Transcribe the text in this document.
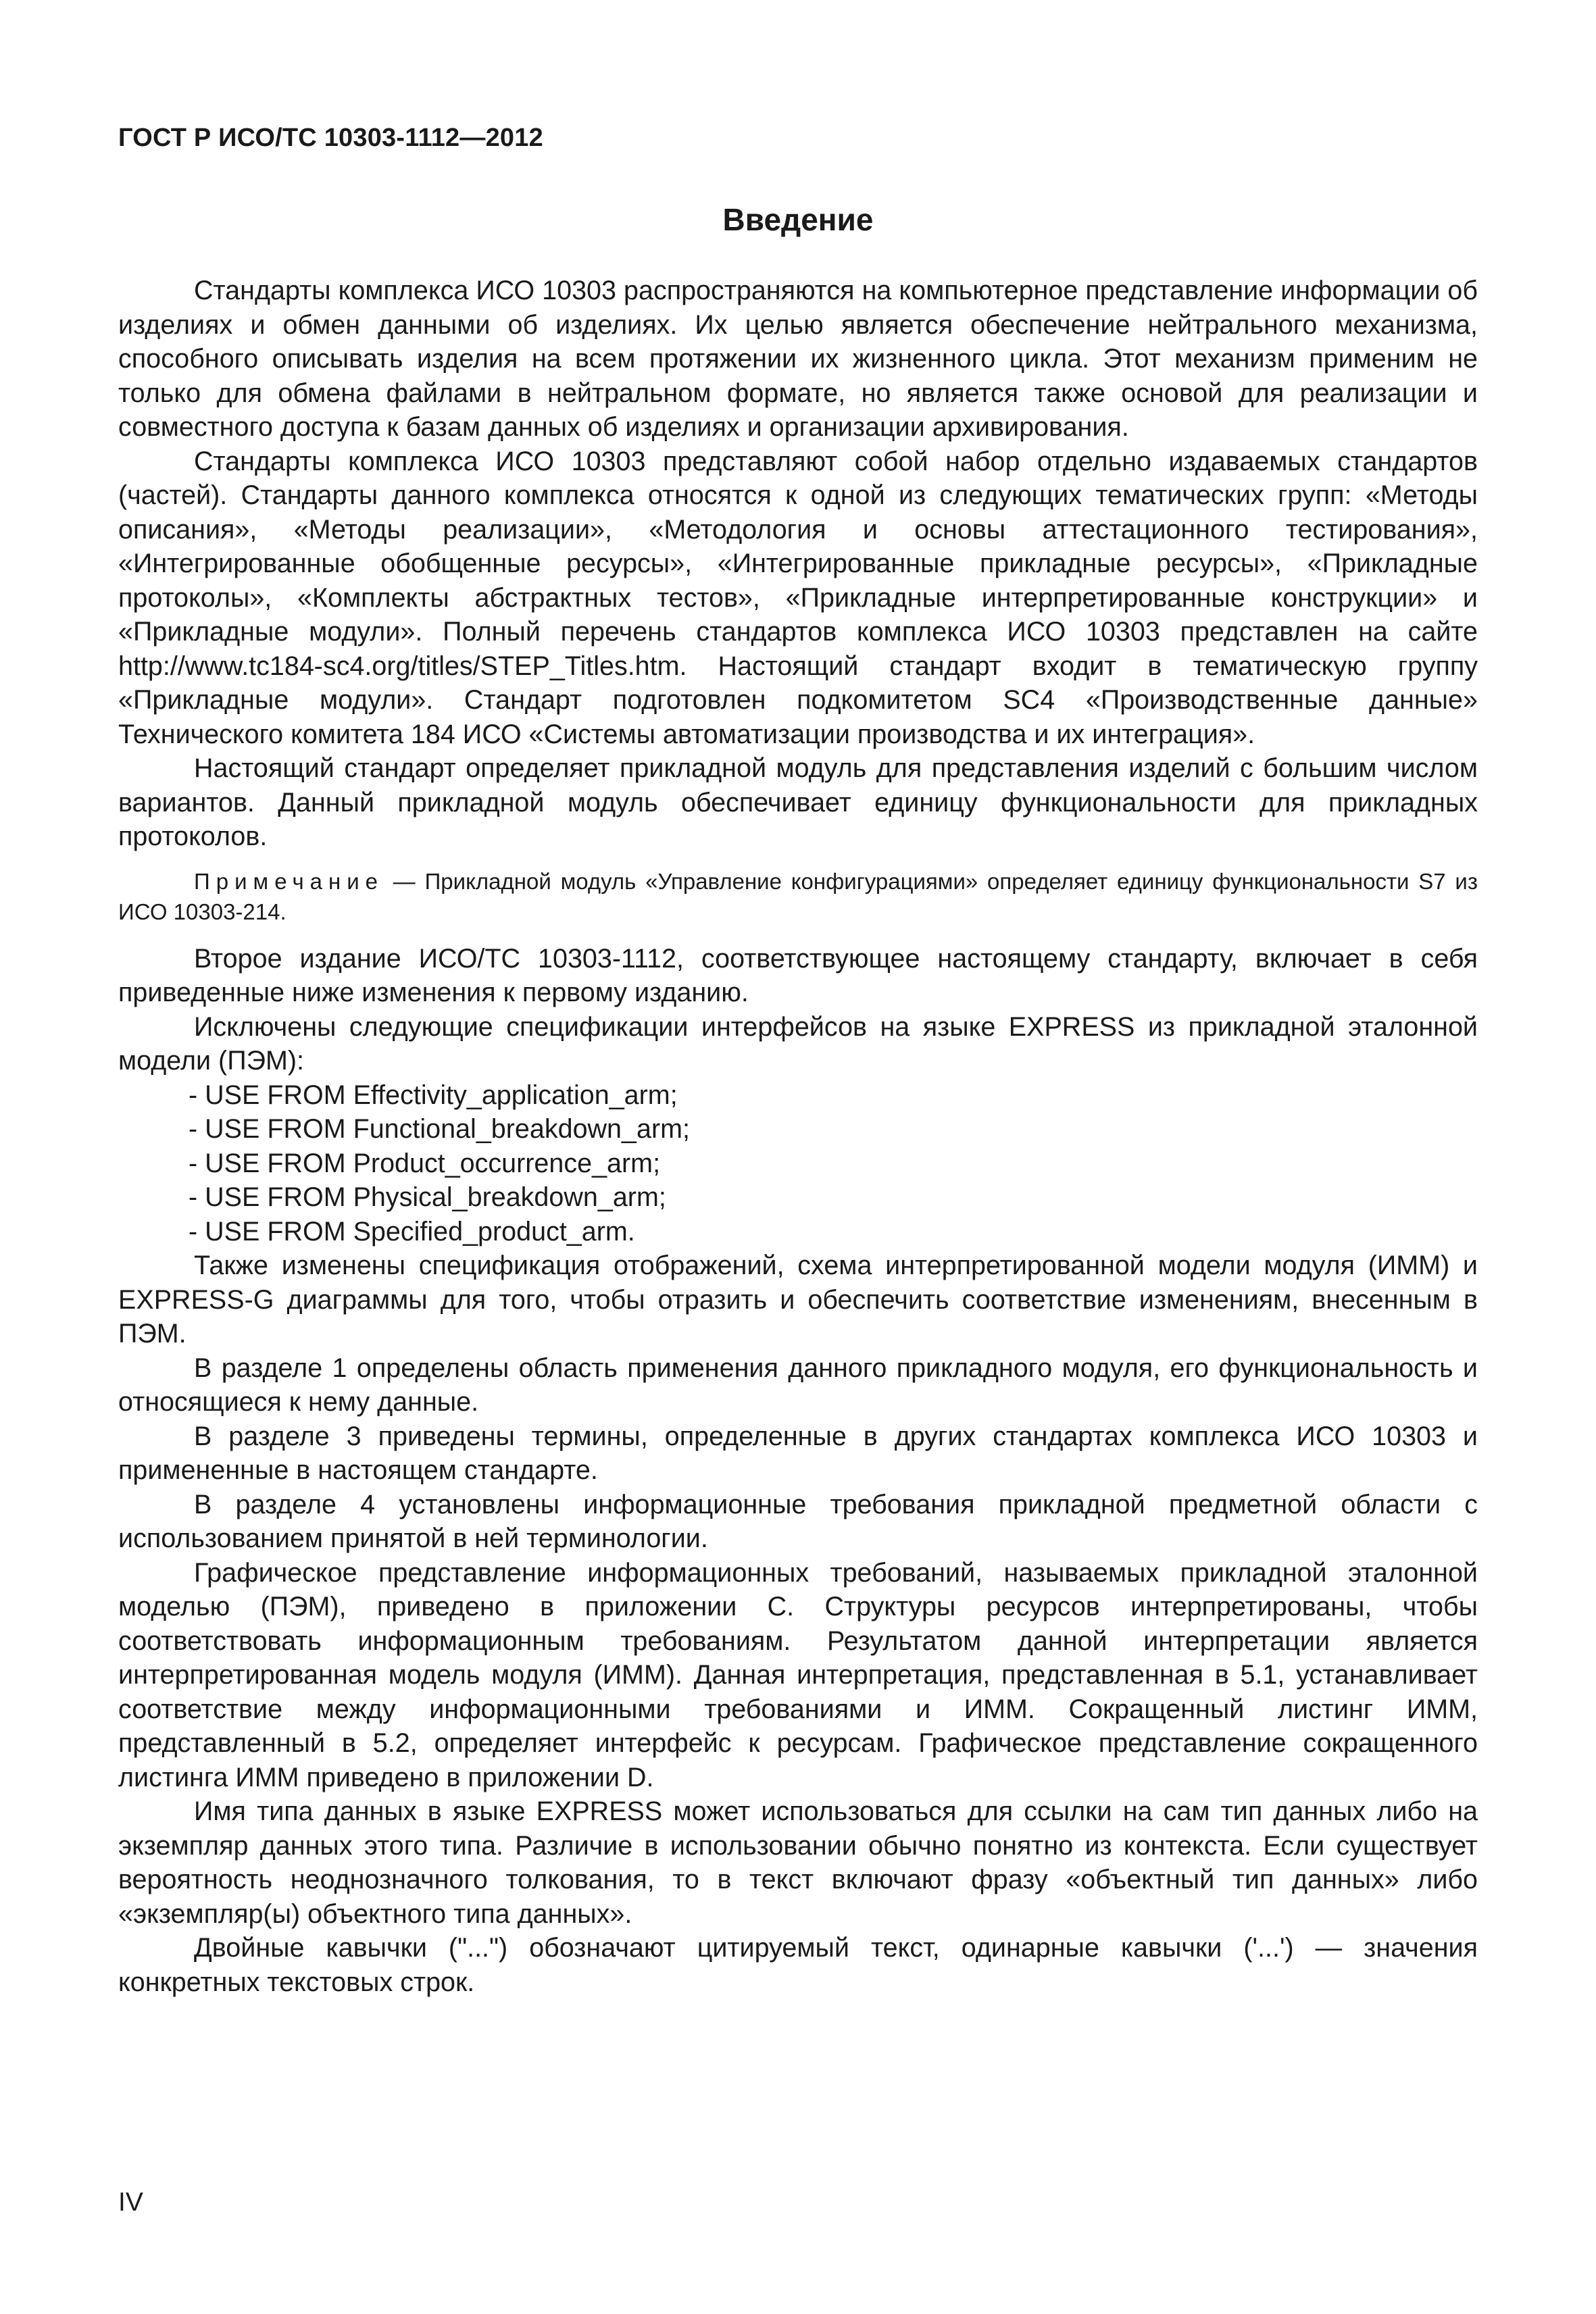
ГОСТ Р ИСО/ТС 10303-1112—2012
Введение

Стандарты комплекса ИСО 10303 распространяются на компьютерное представление информации об изделиях и обмен данными об изделиях. Их целью является обеспечение нейтрального механизма, способного описывать изделия на всем протяжении их жизненного цикла. Этот механизм применим не только для обмена файлами в нейтральном формате, но является также основой для реализации и совместного доступа к базам данных об изделиях и организации архивирования.

Стандарты комплекса ИСО 10303 представляют собой набор отдельно издаваемых стандартов (частей). Стандарты данного комплекса относятся к одной из следующих тематических групп: «Методы описания», «Методы реализации», «Методология и основы аттестационного тестирования», «Интегрированные обобщенные ресурсы», «Интегрированные прикладные ресурсы», «Прикладные протоколы», «Комплекты абстрактных тестов», «Прикладные интерпретированные конструкции» и «Прикладные модули». Полный перечень стандартов комплекса ИСО 10303 представлен на сайте http://www.tc184-sc4.org/titles/STEP_Titles.htm. Настоящий стандарт входит в тематическую группу «Прикладные модули». Стандарт подготовлен подкомитетом SC4 «Производственные данные» Технического комитета 184 ИСО «Системы автоматизации производства и их интеграция».

Настоящий стандарт определяет прикладной модуль для представления изделий с большим числом вариантов. Данный прикладной модуль обеспечивает единицу функциональности для прикладных протоколов.

Примечание — Прикладной модуль «Управление конфигурациями» определяет единицу функциональности S7 из ИСО 10303-214.

Второе издание ИСО/ТС 10303-1112, соответствующее настоящему стандарту, включает в себя приведенные ниже изменения к первому изданию.

Исключены следующие спецификации интерфейсов на языке EXPRESS из прикладной эталонной модели (ПЭМ):

- USE FROM Effectivity_application_arm;
- USE FROM Functional_breakdown_arm;
- USE FROM Product_occurrence_arm;
- USE FROM Physical_breakdown_arm;
- USE FROM Specified_product_arm.

Также изменены спецификация отображений, схема интерпретированной модели модуля (ИММ) и EXPRESS-G диаграммы для того, чтобы отразить и обеспечить соответствие изменениям, внесенным в ПЭМ.

В разделе 1 определены область применения данного прикладного модуля, его функциональность и относящиеся к нему данные.

В разделе 3 приведены термины, определенные в других стандартах комплекса ИСО 10303 и примененные в настоящем стандарте.

В разделе 4 установлены информационные требования прикладной предметной области с использованием принятой в ней терминологии.

Графическое представление информационных требований, называемых прикладной эталонной моделью (ПЭМ), приведено в приложении С. Структуры ресурсов интерпретированы, чтобы соответствовать информационным требованиям. Результатом данной интерпретации является интерпретированная модель модуля (ИММ). Данная интерпретация, представленная в 5.1, устанавливает соответствие между информационными требованиями и ИММ. Сокращенный листинг ИММ, представленный в 5.2, определяет интерфейс к ресурсам. Графическое представление сокращенного листинга ИММ приведено в приложении D.

Имя типа данных в языке EXPRESS может использоваться для ссылки на сам тип данных либо на экземпляр данных этого типа. Различие в использовании обычно понятно из контекста. Если существует вероятность неоднозначного толкования, то в текст включают фразу «объектный тип данных» либо «экземпляр(ы) объектного типа данных».

Двойные кавычки ("...") обозначают цитируемый текст, одинарные кавычки ('...') — значения конкретных текстовых строк.

IV
